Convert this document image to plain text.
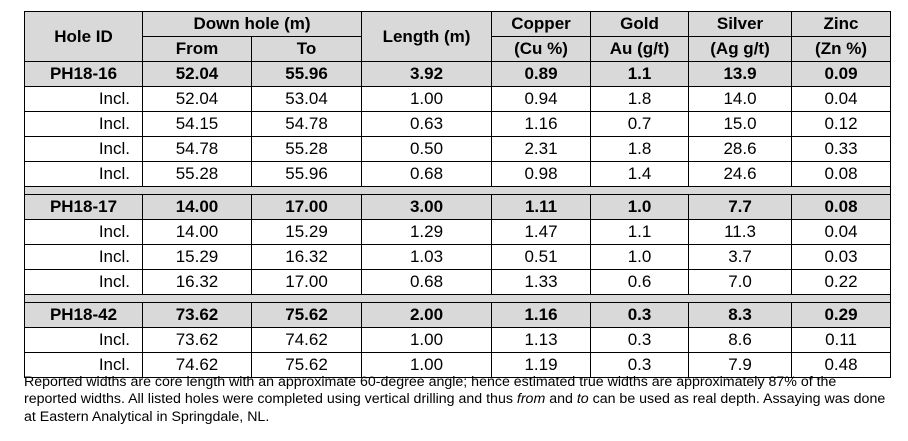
Hole ID	Down hole (m)		Length (m)	Copper	Gold	Silver	Zinc
	From	To		(Cu %)	Au (g/t)	(Ag g/t)	(Zn %)
PH18-16	52.04	55.96	3.92	0.89	1.1	13.9	0.09
Incl.	52.04	53.04	1.00	0.94	1.8	14.0	0.04
Incl.	54.15	54.78	0.63	1.16	0.7	15.0	0.12
Incl.	54.78	55.28	0.50	2.31	1.8	28.6	0.33
Incl.	55.28	55.96	0.68	0.98	1.4	24.6	0.08

PH18-17	14.00	17.00	3.00	1.11	1.0	7.7	0.08
Incl.	14.00	15.29	1.29	1.47	1.1	11.3	0.04
Incl.	15.29	16.32	1.03	0.51	1.0	3.7	0.03
Incl.	16.32	17.00	0.68	1.33	0.6	7.0	0.22

PH18-42	73.62	75.62	2.00	1.16	0.3	8.3	0.29
Incl.	73.62	74.62	1.00	1.13	0.3	8.6	0.11
Incl.	74.62	75.62	1.00	1.19	0.3	7.9	0.48
Reported widths are core length with an approximate 60-degree angle; hence estimated true widths are approximately 87% of the reported widths. All listed holes were completed using vertical drilling and thus from and to can be used as real depth. Assaying was done at Eastern Analytical in Springdale, NL.
